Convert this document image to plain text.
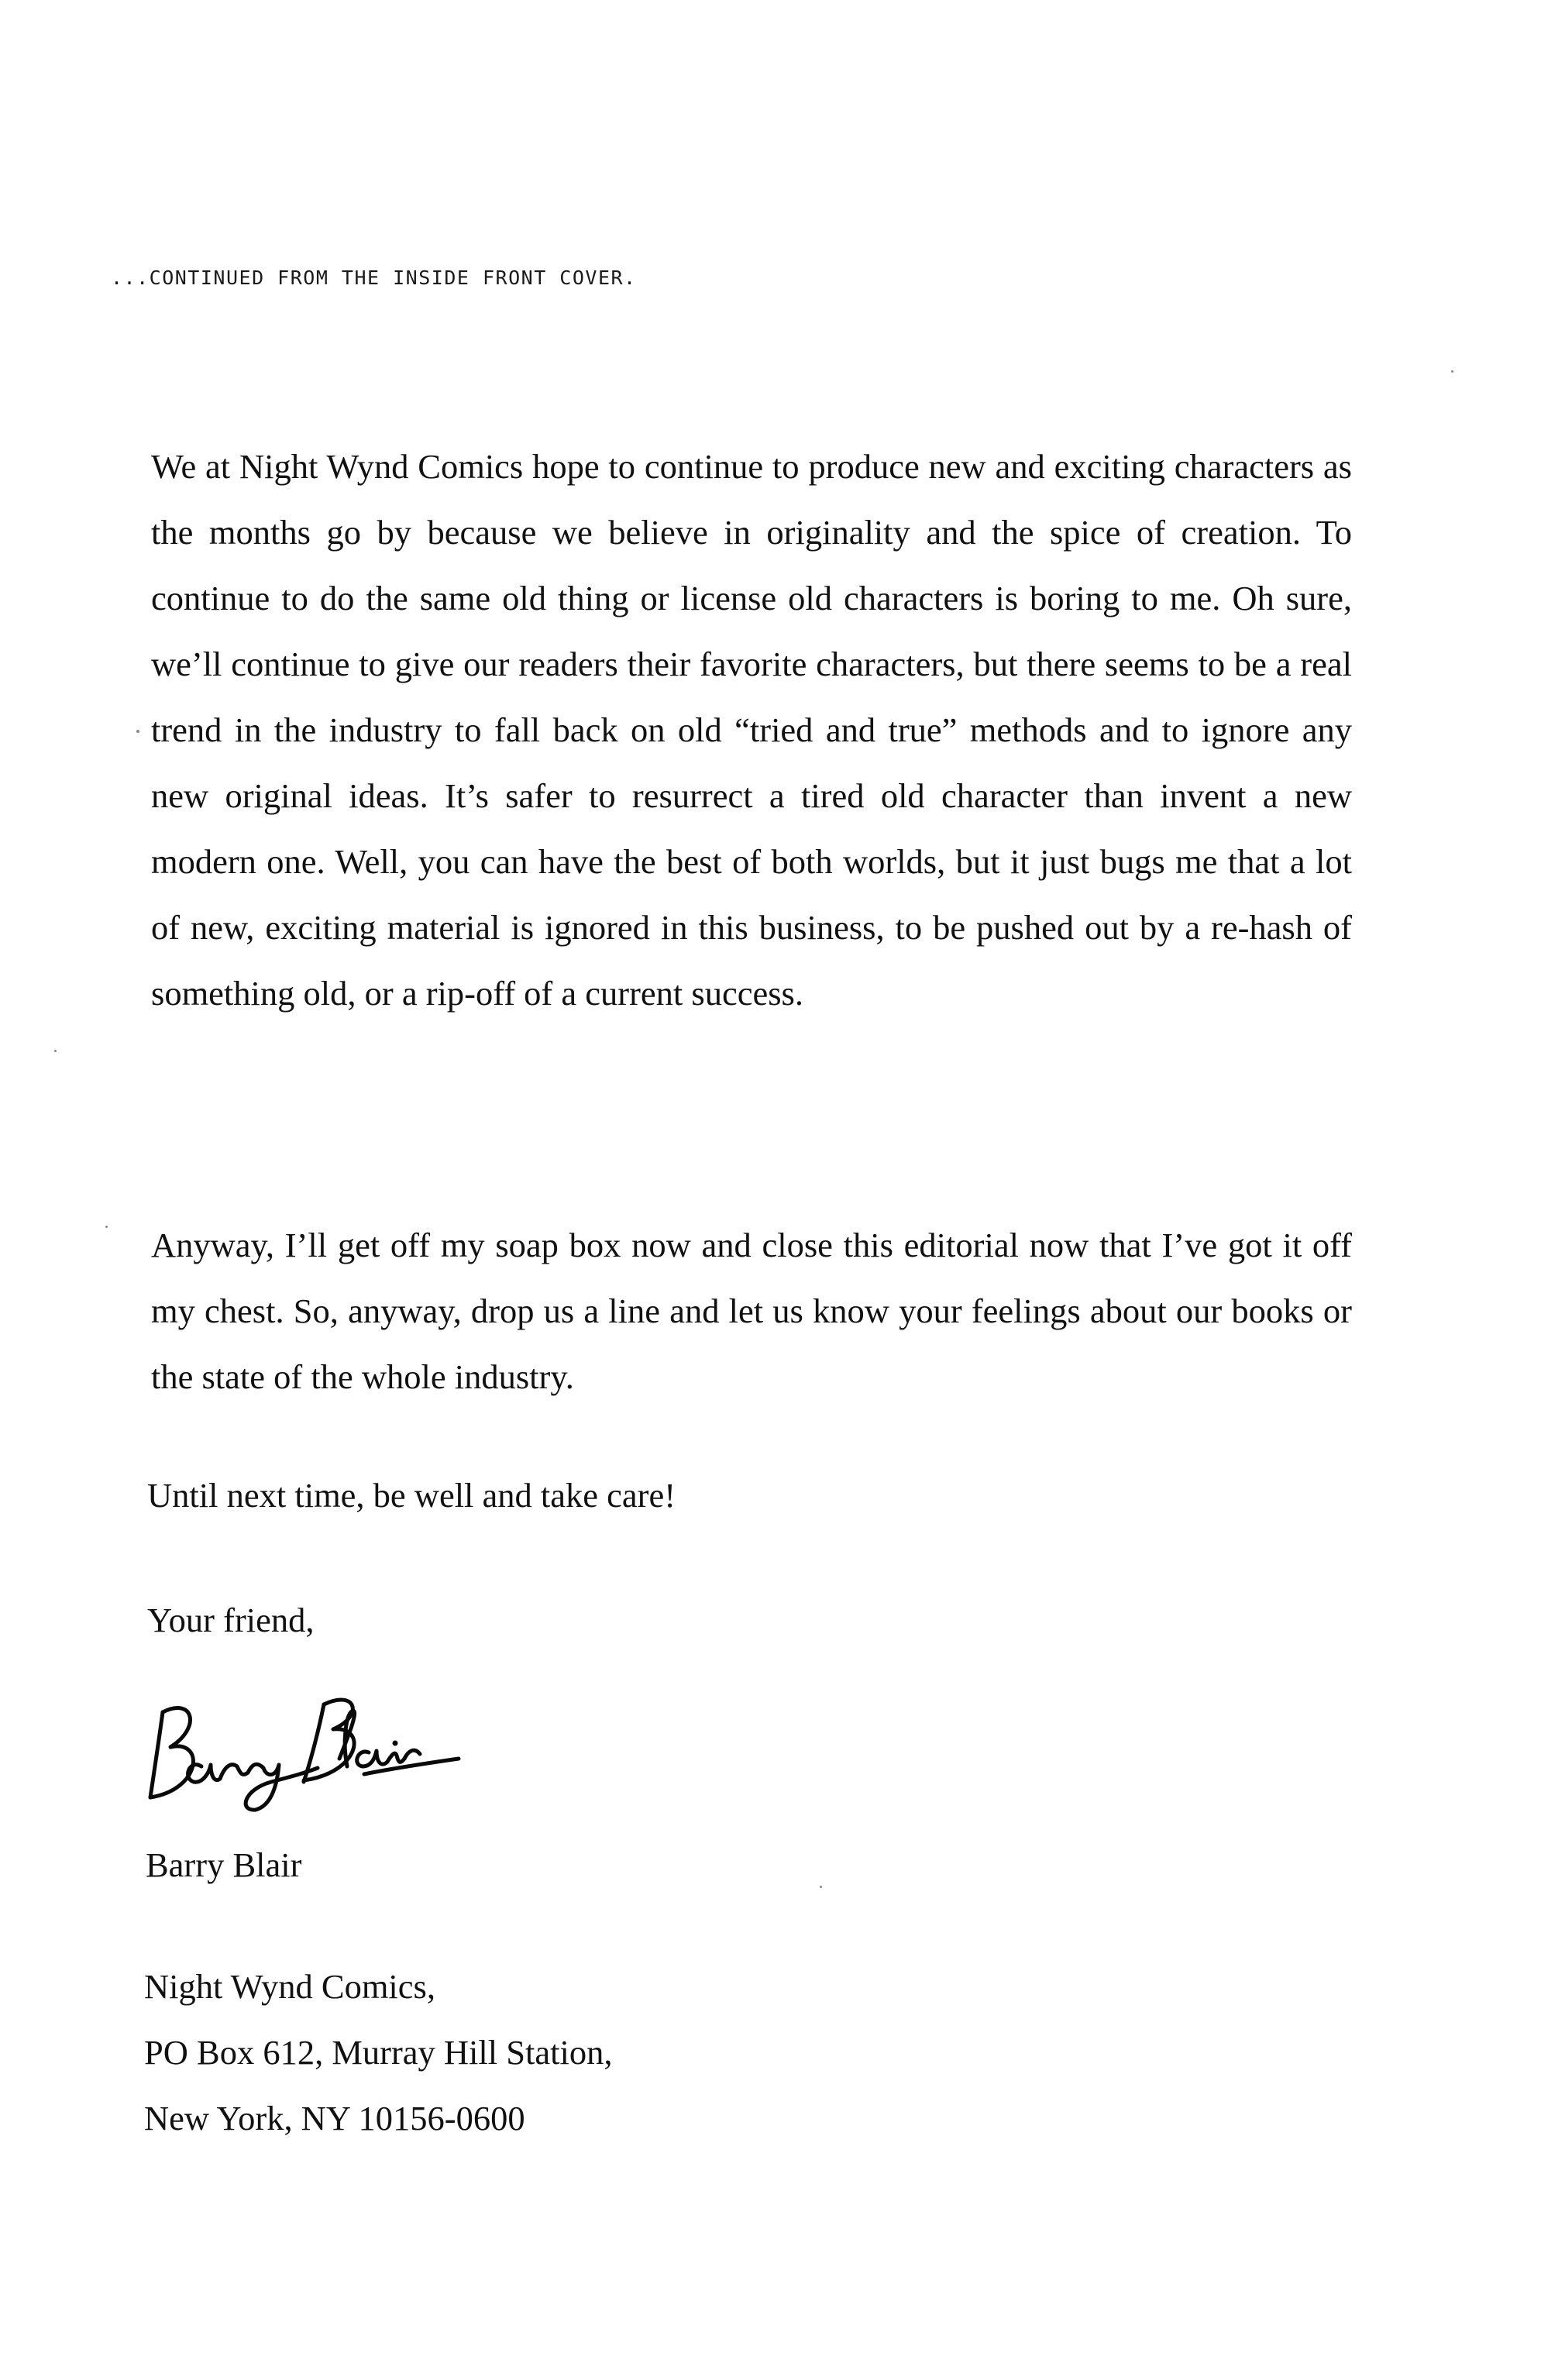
...CONTINUED FROM THE INSIDE FRONT COVER.

We at Night Wynd Comics hope to continue to produce new and exciting characters as the months go by because we believe in originality and the spice of creation. To continue to do the same old thing or license old characters is boring to me. Oh sure, we’ll continue to give our readers their favorite characters, but there seems to be a real trend in the industry to fall back on old “tried and true” methods and to ignore any new original ideas. It’s safer to resurrect a tired old character than invent a new modern one. Well, you can have the best of both worlds, but it just bugs me that a lot of new, exciting material is ignored in this business, to be pushed out by a re-hash of something old, or a rip-off of a current success.

Anyway, I’ll get off my soap box now and close this editorial now that I’ve got it off my chest. So, anyway, drop us a line and let us know your feelings about our books or the state of the whole industry.

Until next time, be well and take care!
Your friend,
Barry Blair
Night Wynd Comics,
PO Box 612, Murray Hill Station,
New York, NY 10156-0600
